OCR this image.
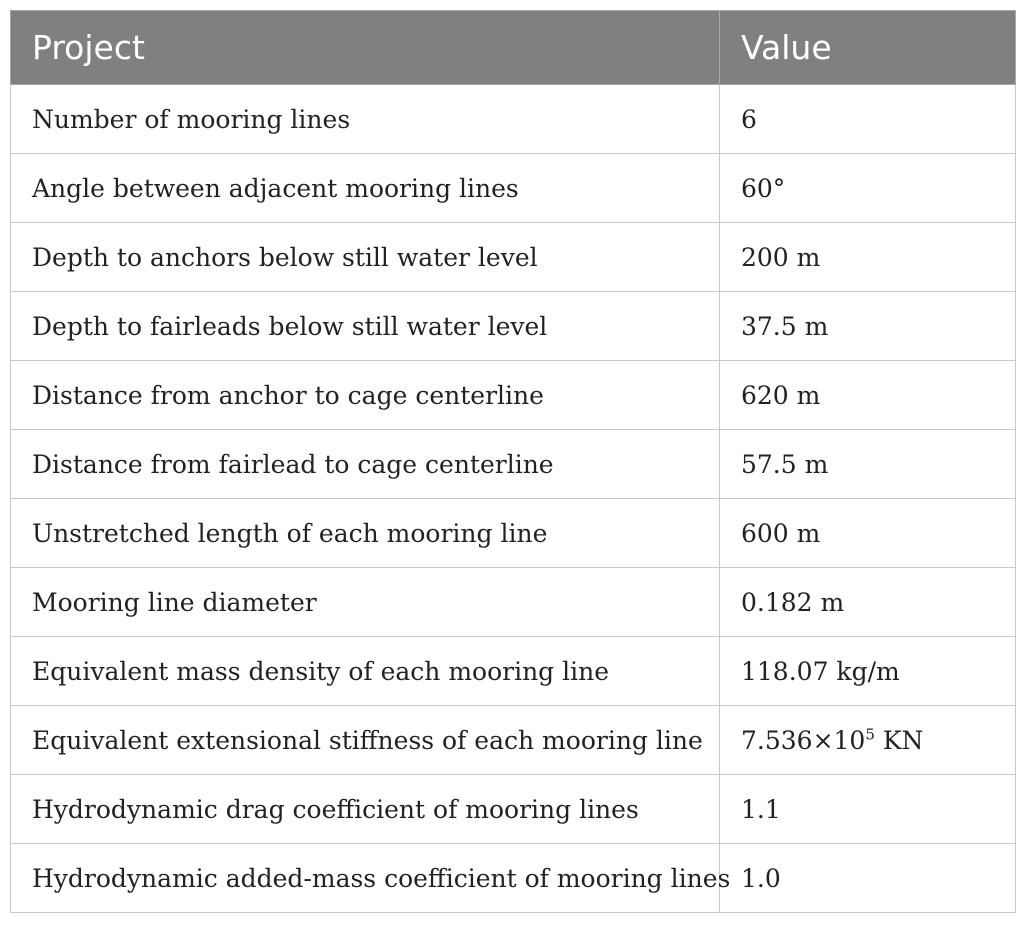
Project	Value
Number of mooring lines	6
Angle between adjacent mooring lines	60°
Depth to anchors below still water level	200 m
Depth to fairleads below still water level	37.5 m
Distance from anchor to cage centerline	620 m
Distance from fairlead to cage centerline	57.5 m
Unstretched length of each mooring line	600 m
Mooring line diameter	0.182 m
Equivalent mass density of each mooring line	118.07 kg/m
Equivalent extensional stiffness of each mooring line	$7.536\times 10^5$ KN
Hydrodynamic drag coefficient of mooring lines	1.1
Hydrodynamic added-mass coefficient of mooring lines	1.0
